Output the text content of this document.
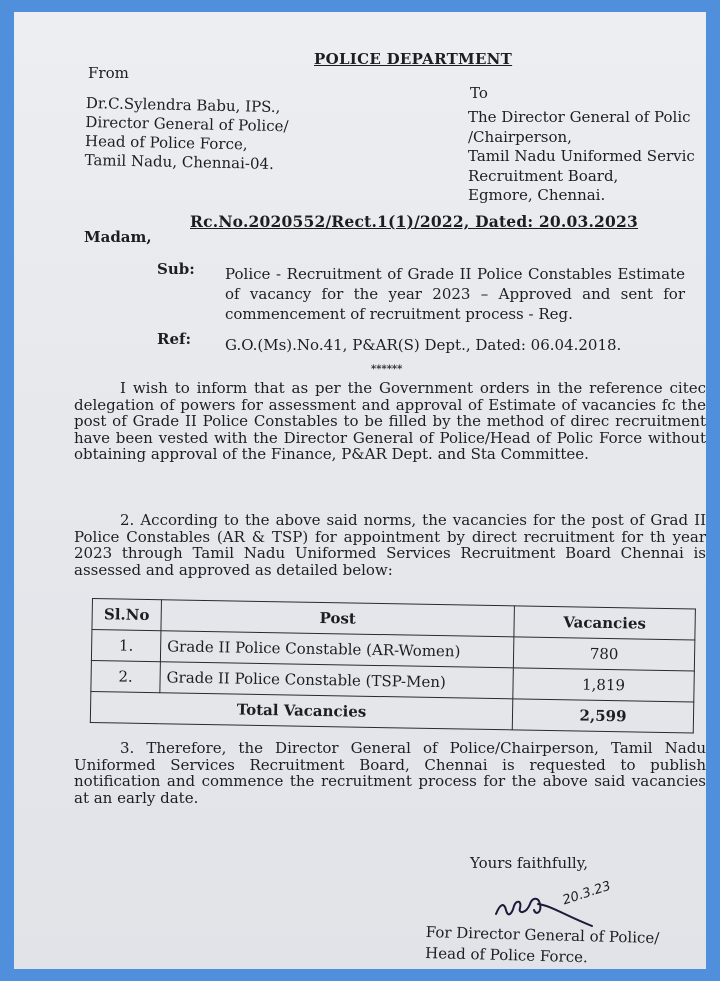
POLICE DEPARTMENT
From
Dr.C.Sylendra Babu, IPS.,
Director General of Police/
Head of Police Force,
Tamil Nadu, Chennai-04.
To
The Director General of Polic
/Chairperson,
Tamil Nadu Uniformed Servic
Recruitment Board,
Egmore, Chennai.
Rc.No.2020552/Rect.1(1)/2022, Dated: 20.03.2023
Madam,
Sub: Police - Recruitment of Grade II Police Constables Estimate of vacancy for the year 2023 – Approved and sent for commencement of recruitment process - Reg.
Ref: G.O.(Ms).No.41, P&AR(S) Dept., Dated: 06.04.2018.
******
I wish to inform that as per the Government orders in the reference citec delegation of powers for assessment and approval of Estimate of vacancies fc the post of Grade II Police Constables to be filled by the method of direc recruitment have been vested with the Director General of Police/Head of Polic Force without obtaining approval of the Finance, P&AR Dept. and Sta Committee.
2. According to the above said norms, the vacancies for the post of Grad II Police Constables (AR & TSP) for appointment by direct recruitment for th year 2023 through Tamil Nadu Uniformed Services Recruitment Board Chennai is assessed and approved as detailed below:
Sl.No	Post	Vacancies
1.	Grade II Police Constable (AR-Women)	780
2.	Grade II Police Constable (TSP-Men)	1,819
Total Vacancies		2,599
3. Therefore, the Director General of Police/Chairperson, Tamil Nadu Uniformed Services Recruitment Board, Chennai is requested to publish notification and commence the recruitment process for the above said vacancies at an early date.
Yours faithfully,
20.3.23
For Director General of Police/
Head of Police Force.
